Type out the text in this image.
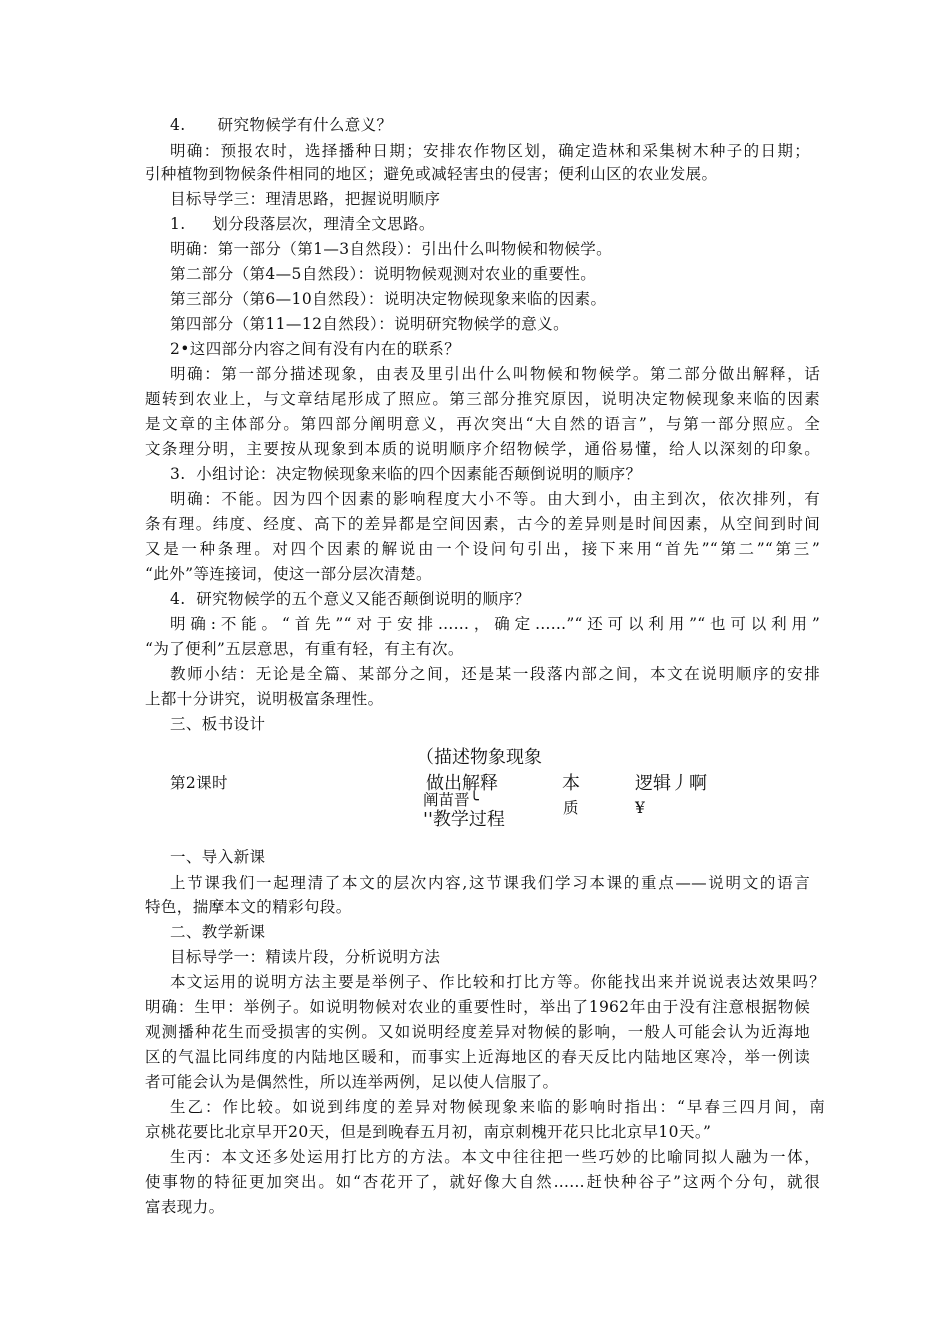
4.      研究物候学有什么意义？
明确：预报农时，选择播种日期；安排农作物区划，确定造林和采集树木种子的日期；
引种植物到物候条件相同的地区；避免或减轻害虫的侵害；便利山区的农业发展。
目标导学三：理清思路，把握说明顺序
1.     划分段落层次，理清全文思路。
明确：第一部分（第1—3自然段）：引出什么叫物候和物候学。
第二部分（第4—5自然段）：说明物候观测对农业的重要性。
第三部分（第6—10自然段）：说明决定物候现象来临的因素。
第四部分（第11—12自然段）：说明研究物候学的意义。
2•这四部分内容之间有没有内在的联系？
明确：第一部分描述现象，由表及里引出什么叫物候和物候学。第二部分做出解释，话
题转到农业上，与文章结尾形成了照应。第三部分推究原因，说明决定物候现象来临的因素
是文章的主体部分。第四部分阐明意义，再次突出“大自然的语言”，与第一部分照应。全
文条理分明，主要按从现象到本质的说明顺序介绍物候学，通俗易懂，给人以深刻的印象。
3.  小组讨论：决定物候现象来临的四个因素能否颠倒说明的顺序？
明确：不能。因为四个因素的影响程度大小不等。由大到小，由主到次，依次排列，有
条有理。纬度、经度、高下的差异都是空间因素，古今的差异则是时间因素，从空间到时间
又是一种条理。对四个因素的解说由一个设问句引出，接下来用“首先”“第二”“第三”
“此外”等连接词，使这一部分层次清楚。
4.  研究物候学的五个意义又能否颠倒说明的顺序？
明确:不能。“首先”“对于安排……，确定……”“还可以利用”“也可以利用”
“为了便利”五层意思，有重有轻，有主有次。
教师小结：无论是全篇、某部分之间，还是某一段落内部之间，本文在说明顺序的安排
上都十分讲究，说明极富条理性。
三、板书设计
（描述物象现象
第2课时	做出解释
阐苗晋╰
''教学过程
本
质
逻辑丿啊
¥
一、导入新课
上节课我们一起理清了本文的层次内容,这节课我们学习本课的重点——说明文的语言
特色，揣摩本文的精彩句段。
二、教学新课
目标导学一：精读片段，分析说明方法
本文运用的说明方法主要是举例子、作比较和打比方等。你能找出来并说说表达效果吗？
明确：生甲：举例子。如说明物候对农业的重要性时，举出了1962年由于没有注意根据物候
观测播种花生而受损害的实例。又如说明经度差异对物候的影响，一般人可能会认为近海地
区的气温比同纬度的内陆地区暖和，而事实上近海地区的春天反比内陆地区寒冷，举一例读
者可能会认为是偶然性，所以连举两例，足以使人信服了。
生乙：作比较。如说到纬度的差异对物候现象来临的影响时指出：“早春三四月间，南
京桃花要比北京早开20天，但是到晚春五月初，南京刺槐开花只比北京早10天。”
生丙：本文还多处运用打比方的方法。本文中往往把一些巧妙的比喻同拟人融为一体，
使事物的特征更加突出。如“杏花开了，就好像大自然……赶快种谷子”这两个分句，就很
富表现力。
